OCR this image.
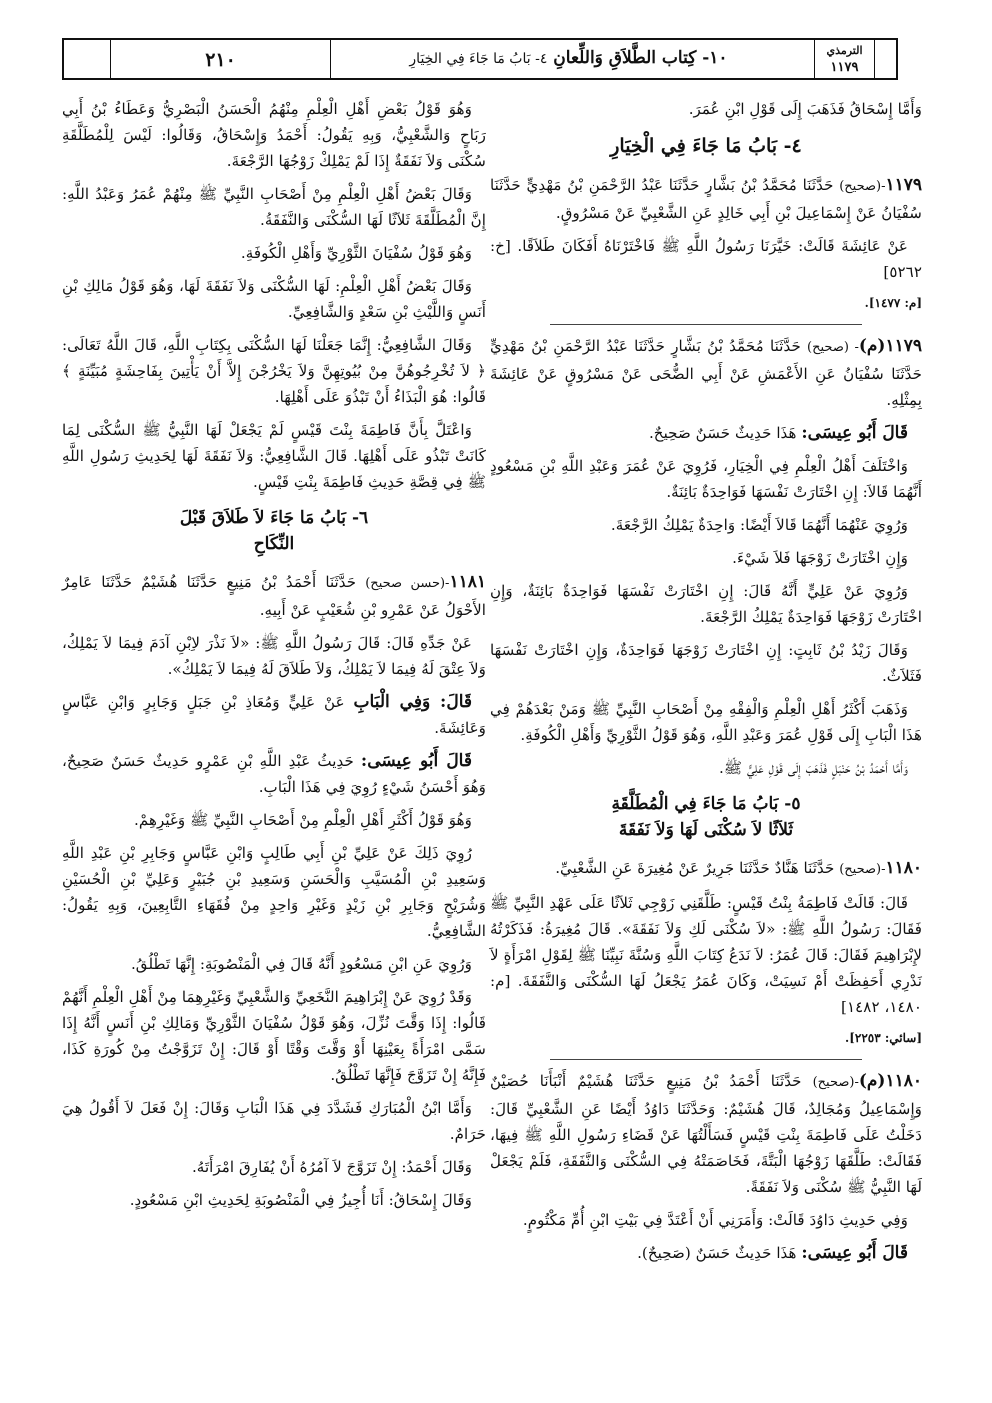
٢١٠	١٠- كِتاب الطَّلاَقِ وَاللِّعانِ ٤- بَابُ مَا جَاءَ فِي الخِيَارِ
الترمذي
١١٧٩

وَأَمَّا إِسْحَاقُ فَذَهَبَ إِلَى قَوْلِ ابْنِ عُمَرَ.

٤- بَابُ مَا جَاءَ فِي الْخِيَارِ

١١٧٩-(صحيح) حَدَّثَنَا مُحَمَّدُ بْنُ بَشَّارٍ حَدَّثَنَا عَبْدُ الرَّحْمَنِ بْنُ مَهْدِيٍّ حَدَّثَنَا سُفْيَانُ عَنْ إِسْمَاعِيلَ بْنِ أَبِي خَالِدٍ عَنِ الشَّعْبِيِّ عَنْ مَسْرُوقٍ.

عَنْ عَائِشَةَ قَالَتْ: خَيَّرَنَا رَسُولُ اللَّهِ ﷺ فَاخْتَرْنَاهُ أَفَكَانَ طَلاَقًا. [خ: ٥٢٦٢]

[م: ١٤٧٧].

١١٧٩(م)- (صحيح) حَدَّثَنَا مُحَمَّدُ بْنُ بَشَّارٍ حَدَّثَنَا عَبْدُ الرَّحْمَنِ بْنُ مَهْدِيٍّ حَدَّثَنَا سُفْيَانُ عَنِ الأَعْمَشِ عَنْ أَبِي الضُّحَى عَنْ مَسْرُوقٍ عَنْ عَائِشَةَ بِمِثْلِهِ.

قَالَ أَبُو عِيسَى: هَذَا حَدِيثٌ حَسَنٌ صَحِيحٌ.

وَاخْتَلَفَ أَهْلُ الْعِلْمِ فِي الْخِيَارِ، فَرُوِيَ عَنْ عُمَرَ وَعَبْدِ اللَّهِ بْنِ مَسْعُودٍ أَنَّهُمَا قَالاَ: إِنِ اخْتَارَتْ نَفْسَهَا فَوَاحِدَةٌ بَائِنَةٌ.

وَرُوِيَ عَنْهُمَا أَنَّهُمَا قَالاَ أَيْضًا: وَاحِدَةٌ يَمْلِكُ الرَّجْعَةَ.

وَإِنِ اخْتَارَتْ زَوْجَهَا فَلاَ شَيْءَ.

وَرُوِيَ عَنْ عَلِيٍّ أَنَّهُ قَالَ: إِنِ اخْتَارَتْ نَفْسَهَا فَوَاحِدَةٌ بَائِنَةٌ، وَإِنِ اخْتَارَتْ زَوْجَهَا فَوَاحِدَةٌ يَمْلِكُ الرَّجْعَةَ.

وَقَالَ زَيْدُ بْنُ ثَابِتٍ: إِنِ اخْتَارَتْ زَوْجَهَا فَوَاحِدَةٌ، وَإِنِ اخْتَارَتْ نَفْسَهَا فَثَلاَثٌ.

وَذَهَبَ أَكْثَرُ أَهْلِ الْعِلْمِ وَالْفِقْهِ مِنْ أَصْحَابِ النَّبِيِّ ﷺ وَمَنْ بَعْدَهُمْ فِي هَذَا الْبَابِ إِلَى قَوْلِ عُمَرَ وَعَبْدِ اللَّهِ، وَهُوَ قَوْلُ الثَّوْرِيِّ وَأَهْلِ الْكُوفَةِ.

وَأَمَّا أَحْمَدُ بْنُ حَنْبَلٍ فَذَهَبَ إِلَى قَوْلِ عَلِيٍّ ﷺ.

٥- بَابُ مَا جَاءَ فِي الْمُطَلَّقَةِ
ثَلاَثًا لاَ سُكْنَى لَهَا وَلاَ نَفَقَةَ

١١٨٠-(صحيح) حَدَّثَنَا هَنَّادٌ حَدَّثَنَا جَرِيرٌ عَنْ مُغِيرَةَ عَنِ الشَّعْبِيِّ.

قَالَ: قَالَتْ فَاطِمَةُ بِنْتُ قَيْسٍ: طَلَّقَنِي زَوْجِي ثَلاَثًا عَلَى عَهْدِ النَّبِيِّ ﷺ فَقَالَ: رَسُولُ اللَّهِ ﷺ: «لاَ سُكْنَى لَكِ وَلاَ نَفَقَةَ». قَالَ مُغِيرَةُ: فَذَكَرْتُهُ لإِبْرَاهِيمَ فَقَالَ: قَالَ عُمَرُ: لاَ نَدَعُ كِتَابَ اللَّهِ وَسُنَّةَ نَبِيِّنَا ﷺ لِقَوْلِ امْرَأَةٍ لاَ نَدْرِي أَحَفِظَتْ أَمْ نَسِيَتْ، وَكَانَ عُمَرُ يَجْعَلُ لَهَا السُّكْنَى وَالنَّفَقَةَ. [م: ١٤٨٠، ١٤٨٢]

[سائي: ٢٢٥٣].

١١٨٠(م)-(صحيح) حَدَّثَنَا أَحْمَدُ بْنُ مَنِيعٍ حَدَّثَنَا هُشَيْمٌ أَنْبَأَنَا حُصَيْنٌ وَإِسْمَاعِيلُ وَمُجَالِدٌ، قَالَ هُشَيْمٌ: وَحَدَّثَنَا دَاوُدُ أَيْضًا عَنِ الشَّعْبِيِّ قَالَ: دَخَلْتُ عَلَى فَاطِمَةَ بِنْتِ قَيْسٍ فَسَأَلْتُهَا عَنْ قَضَاءِ رَسُولِ اللَّهِ ﷺ فِيهَا، فَقَالَتْ: طَلَّقَهَا زَوْجُهَا الْبَتَّةَ، فَخَاصَمَتْهُ فِي السُّكْنَى وَالنَّفَقَةِ، فَلَمْ يَجْعَلْ لَهَا النَّبِيُّ ﷺ سُكْنَى وَلاَ نَفَقَةً.

وَفِي حَدِيثِ دَاوُدَ قَالَتْ: وَأَمَرَنِي أَنْ أَعْتَدَّ فِي بَيْتِ ابْنِ أُمِّ مَكْتُومٍ.

قَالَ أَبُو عِيسَى: هَذَا حَدِيثٌ حَسَنٌ (صَحِيحٌ).

وَهُوَ قَوْلُ بَعْضِ أَهْلِ الْعِلْمِ مِنْهُمُ الْحَسَنُ الْبَصْرِيُّ وَعَطَاءُ بْنُ أَبِي رَبَاحٍ وَالشَّعْبِيُّ، وَبِهِ يَقُولُ: أَحْمَدُ وَإِسْحَاقُ، وَقَالُوا: لَيْسَ لِلْمُطَلَّقَةِ سُكْنَى وَلاَ نَفَقَةٌ إِذَا لَمْ يَمْلِكْ زَوْجُهَا الرَّجْعَةَ.

وَقَالَ بَعْضُ أَهْلِ الْعِلْمِ مِنْ أَصْحَابِ النَّبِيِّ ﷺ مِنْهُمْ عُمَرُ وَعَبْدُ اللَّهِ: إِنَّ الْمُطَلَّقَةَ ثَلاَثًا لَهَا السُّكْنَى وَالنَّفَقَةُ.

وَهُوَ قَوْلُ سُفْيَانَ الثَّوْرِيِّ وَأَهْلِ الْكُوفَةِ.

وَقَالَ بَعْضُ أَهْلِ الْعِلْمِ: لَهَا السُّكْنَى وَلاَ نَفَقَةَ لَهَا، وَهُوَ قَوْلُ مَالِكِ بْنِ أَنَسٍ وَاللَّيْثِ بْنِ سَعْدٍ وَالشَّافِعِيِّ.

وَقَالَ الشَّافِعِيُّ: إِنَّمَا جَعَلْنَا لَهَا السُّكْنَى بِكِتَابِ اللَّهِ، قَالَ اللَّهُ تَعَالَى: ﴿ لاَ تُخْرِجُوهُنَّ مِنْ بُيُوتِهِنَّ وَلاَ يَخْرُجْنَ إِلاَّ أَنْ يَأْتِينَ بِفَاحِشَةٍ مُبَيِّنَةٍ ﴾ قَالُوا: هُوَ الْبَذَاءُ أَنْ تَبْذُوَ عَلَى أَهْلِهَا.

وَاعْتَلَّ بِأَنَّ فَاطِمَةَ بِنْتَ قَيْسٍ لَمْ يَجْعَلْ لَهَا النَّبِيُّ ﷺ السُّكْنَى لِمَا كَانَتْ تَبْذُو عَلَى أَهْلِهَا. قَالَ الشَّافِعِيُّ: وَلاَ نَفَقَةَ لَهَا لِحَدِيثِ رَسُولِ اللَّهِ ﷺ فِي قِصَّةِ حَدِيثِ فَاطِمَةَ بِنْتِ قَيْسٍ.

٦- بَابُ مَا جَاءَ لاَ طَلاَقَ قَبْلَ
النِّكَاحِ

١١٨١-(حسن صحيح) حَدَّثَنَا أَحْمَدُ بْنُ مَنِيعٍ حَدَّثَنَا هُشَيْمٌ حَدَّثَنَا عَامِرٌ الأَحْوَلُ عَنْ عَمْرِو بْنِ شُعَيْبٍ عَنْ أَبِيهِ.

عَنْ جَدِّهِ قَالَ: قَالَ رَسُولُ اللَّهِ ﷺ: «لاَ نَذْرَ لاِبْنِ آدَمَ فِيمَا لاَ يَمْلِكُ، وَلاَ عِتْقَ لَهُ فِيمَا لاَ يَمْلِكُ، وَلاَ طَلاَقَ لَهُ فِيمَا لاَ يَمْلِكُ».

قَالَ: وَفِي الْبَابِ عَنْ عَلِيٍّ وَمُعَاذِ بْنِ جَبَلٍ وَجَابِرٍ وَابْنِ عَبَّاسٍ وَعَائِشَةَ.

قَالَ أَبُو عِيسَى: حَدِيثُ عَبْدِ اللَّهِ بْنِ عَمْرٍو حَدِيثٌ حَسَنٌ صَحِيحٌ، وَهُوَ أَحْسَنُ شَيْءٍ رُوِيَ فِي هَذَا الْبَابِ.

وَهُوَ قَوْلُ أَكْثَرِ أَهْلِ الْعِلْمِ مِنْ أَصْحَابِ النَّبِيِّ ﷺ وَغَيْرِهِمْ.

رُوِيَ ذَلِكَ عَنْ عَلِيِّ بْنِ أَبِي طَالِبٍ وَابْنِ عَبَّاسٍ وَجَابِرِ بْنِ عَبْدِ اللَّهِ وَسَعِيدِ بْنِ الْمُسَيَّبِ وَالْحَسَنِ وَسَعِيدِ بْنِ جُبَيْرٍ وَعَلِيِّ بْنِ الْحُسَيْنِ وَشُرَيْحٍ وَجَابِرِ بْنِ زَيْدٍ وَغَيْرِ وَاحِدٍ مِنْ فُقَهَاءِ التَّابِعِينَ، وَبِهِ يَقُولُ: الشَّافِعِيُّ.

وَرُوِيَ عَنِ ابْنِ مَسْعُودٍ أَنَّهُ قَالَ فِي الْمَنْصُوبَةِ: إِنَّهَا تَطْلُقُ.

وَقَدْ رُوِيَ عَنْ إِبْرَاهِيمَ النَّخَعِيِّ وَالشَّعْبِيِّ وَغَيْرِهِمَا مِنْ أَهْلِ الْعِلْمِ أَنَّهُمْ قَالُوا: إِذَا وَقَّتَ نُزِّلَ، وَهُوَ قَوْلُ سُفْيَانَ الثَّوْرِيِّ وَمَالِكِ بْنِ أَنَسٍ أَنَّهُ إِذَا سَمَّى امْرَأَةً بِعَيْنِهَا أَوْ وَقَّتَ وَقْتًا أَوْ قَالَ: إِنْ تَزَوَّجْتُ مِنْ كُورَةِ كَذَا، فَإِنَّهُ إِنْ تَزَوَّجَ فَإِنَّهَا تَطْلُقُ.

وَأَمَّا ابْنُ الْمُبَارَكِ فَشَدَّدَ فِي هَذَا الْبَابِ وَقَالَ: إِنْ فَعَلَ لاَ أَقُولُ هِيَ حَرَامٌ.

وَقَالَ أَحْمَدُ: إِنْ تَزَوَّجَ لاَ آمُرُهُ أَنْ يُفَارِقَ امْرَأَتَهُ.

وَقَالَ إِسْحَاقُ: أَنَا أُجِيزُ فِي الْمَنْصُوبَةِ لِحَدِيثِ ابْنِ مَسْعُودٍ.
